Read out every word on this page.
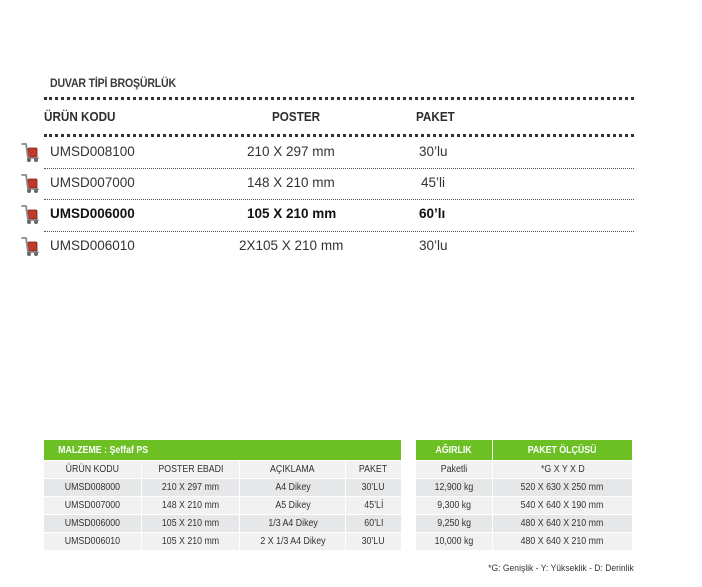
DUVAR TİPİ BROŞÜRLÜK
ÜRÜN KODU	POSTER	PAKET
UMSD008100	210 X 297 mm	30’lu
UMSD007000	148 X 210 mm	45’li
UMSD006000	105 X 210 mm	60’lı
UMSD006010	2X105 X 210 mm	30’lu
MALZEME : Şeffaf PS			
ÜRÜN KODU	POSTER EBADI	AÇIKLAMA	PAKET
UMSD008000	210 X 297 mm	A4 Dikey	30’LU
UMSD007000	148 X 210 mm	A5 Dikey	45’Lİ
UMSD006000	105 X 210 mm	1/3 A4 Dikey	60’LI
UMSD006010	105 X 210 mm	2 X 1/3 A4 Dikey	30’LU
AĞIRLIK	PAKET ÖLÇÜSÜ
Paketli	*G X Y X D
12,900 kg	520 X 630 X 250 mm
9,300 kg	540 X 640 X 190 mm
9,250 kg	480 X 640 X 210 mm
10,000 kg	480 X 640 X 210 mm
*G: Genişlik - Y: Yükseklik - D: Derinlik
